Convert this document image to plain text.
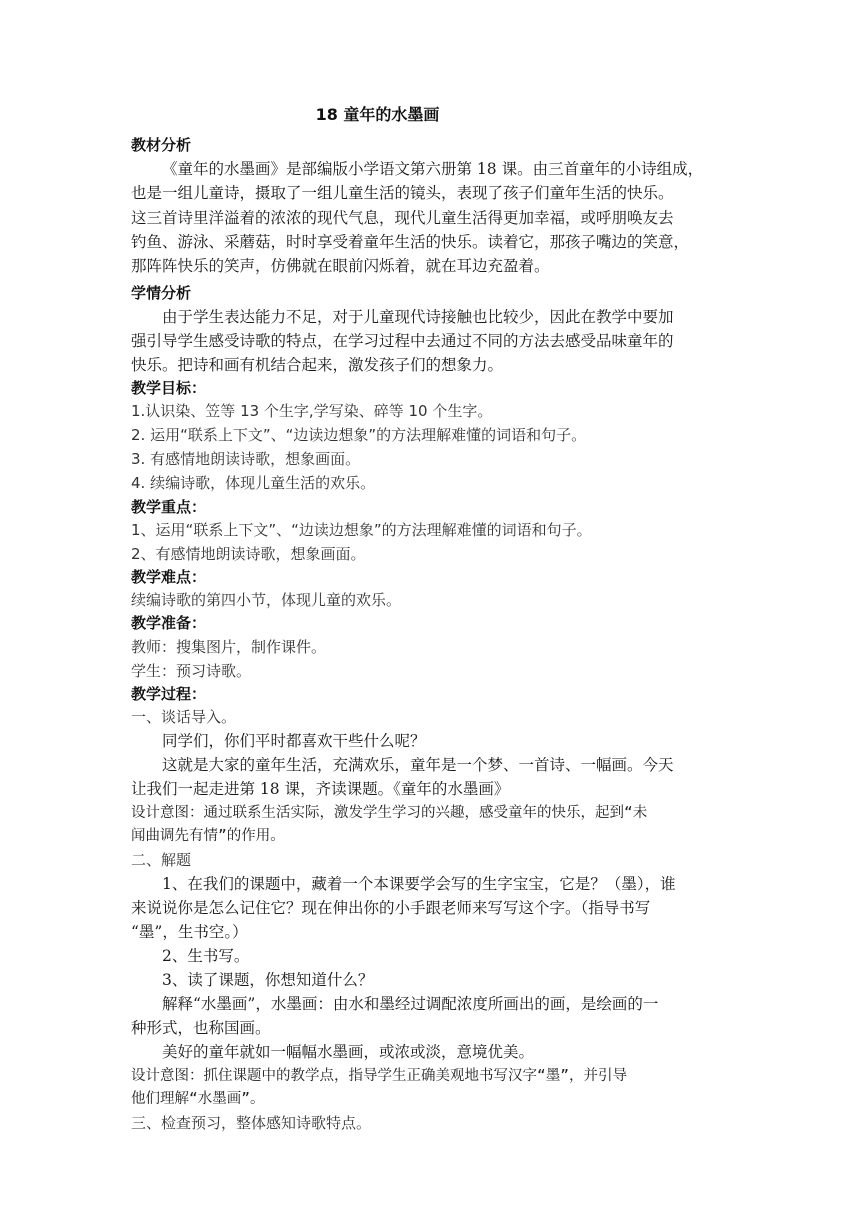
18 童年的水墨画
教材分析
《童年的水墨画》是部编版小学语文第六册第 18 课。由三首童年的小诗组成，
也是一组儿童诗，摄取了一组儿童生活的镜头，表现了孩子们童年生活的快乐。
这三首诗里洋溢着的浓浓的现代气息，现代儿童生活得更加幸福，或呼朋唤友去
钓鱼、游泳、采蘑菇，时时享受着童年生活的快乐。读着它，那孩子嘴边的笑意，
那阵阵快乐的笑声，仿佛就在眼前闪烁着，就在耳边充盈着。
学情分析
由于学生表达能力不足，对于儿童现代诗接触也比较少，因此在教学中要加
强引导学生感受诗歌的特点，在学习过程中去通过不同的方法去感受品味童年的
快乐。把诗和画有机结合起来，激发孩子们的想象力。
教学目标：
1.认识染、笠等 13 个生字,学写染、碎等 10 个生字。
2. 运用“联系上下文”、“边读边想象”的方法理解难懂的词语和句子。
3. 有感情地朗读诗歌，想象画面。
4. 续编诗歌，体现儿童生活的欢乐。
教学重点：
1、运用“联系上下文”、“边读边想象”的方法理解难懂的词语和句子。
2、有感情地朗读诗歌，想象画面。
教学难点：
续编诗歌的第四小节，体现儿童的欢乐。
教学准备：
教师：搜集图片，制作课件。
学生：预习诗歌。
教学过程：
一、谈话导入。
同学们，你们平时都喜欢干些什么呢？
这就是大家的童年生活，充满欢乐，童年是一个梦、一首诗、一幅画。今天
让我们一起走进第 18 课，齐读课题。《童年的水墨画》
设计意图：通过联系生活实际，激发学生学习的兴趣，感受童年的快乐，起到“未
闻曲调先有情”的作用。
二、解题
1、在我们的课题中，藏着一个本课要学会写的生字宝宝，它是？（墨），谁
来说说你是怎么记住它？现在伸出你的小手跟老师来写写这个字。（指导书写
“墨”，生书空。）
2、生书写。
3、读了课题，你想知道什么？
解释“水墨画”，水墨画：由水和墨经过调配浓度所画出的画，是绘画的一
种形式，也称国画。
美好的童年就如一幅幅水墨画，或浓或淡，意境优美。
设计意图：抓住课题中的教学点，指导学生正确美观地书写汉字“墨”，并引导
他们理解“水墨画”。
三、检查预习，整体感知诗歌特点。
